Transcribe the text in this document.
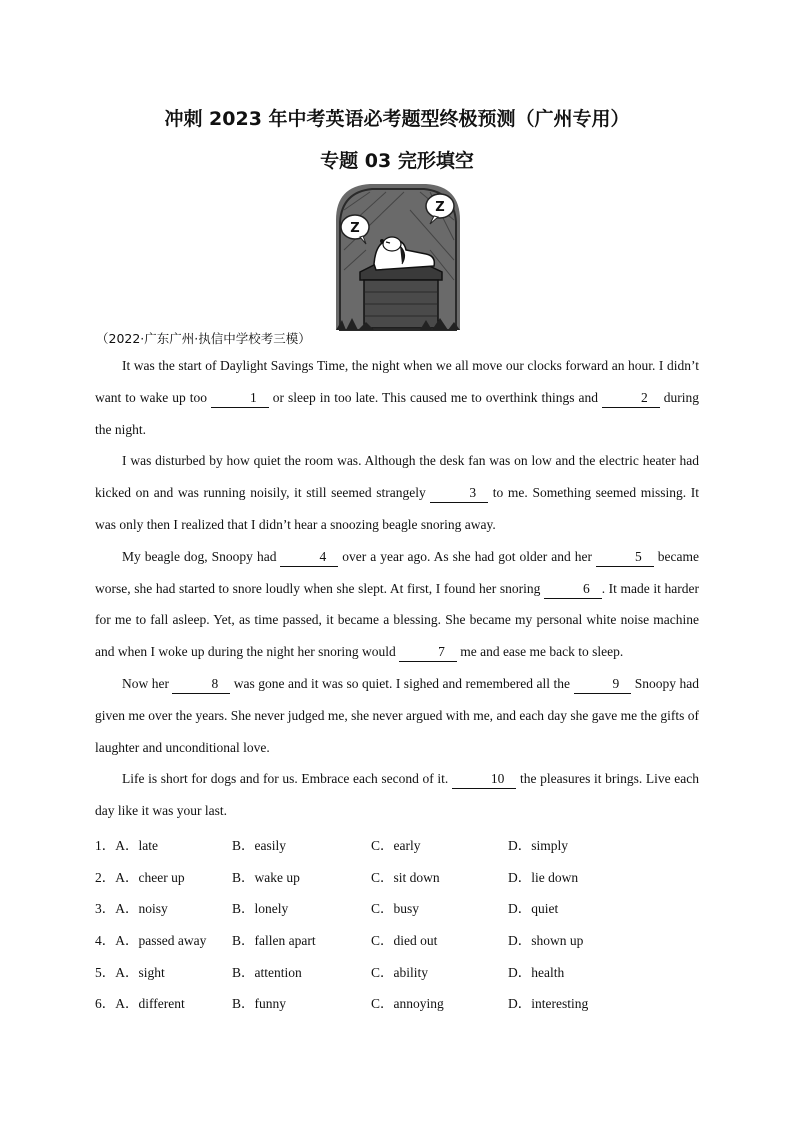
冲刺 2023 年中考英语必考题型终极预测（广州专用）
专题 03 完形填空
Z
Z
（2022·广东广州·执信中学校考三模）

It was the start of Daylight Savings Time, the night when we all move our clocks forward an hour. I didn’t want to wake up too	1 or sleep in too late. This caused me to overthink things and	2 during the night.

I was disturbed by how quiet the room was. Although the desk fan was on low and the electric heater had kicked on and was running noisily, it still seemed strangely	3 to me. Something seemed missing. It was only then I realized that I didn’t hear a snoozing beagle snoring away.

My beagle dog, Snoopy had	4 over a year ago. As she had got older and her	5 became worse, she had started to snore loudly when she slept. At first, I found her snoring	6 . It made it harder for me to fall asleep. Yet, as time passed, it became a blessing. She became my personal white noise machine and when I woke up during the night her snoring would	7 me and ease me back to sleep.

Now her	8 was gone and it was so quiet. I sighed and remembered all the	9 Snoopy had given me over the years. She never judged me, she never argued with me, and each day she gave me the gifts of laughter and unconditional love.

Life is short for dogs and for us. Embrace each second of it.	10 the pleasures it brings. Live each day like it was your last.

1．A．late	B．easily	C．early	D．simply
2．A．cheer up	B．wake up	C．sit down	D．lie down
3．A．noisy	B．lonely	C．busy	D．quiet
4．A．passed away B．fallen apart	C．died out	D．shown up
5．A．sight	B．attention	C．ability	D．health
6．A．different	B．funny	C．annoying	D．interesting
